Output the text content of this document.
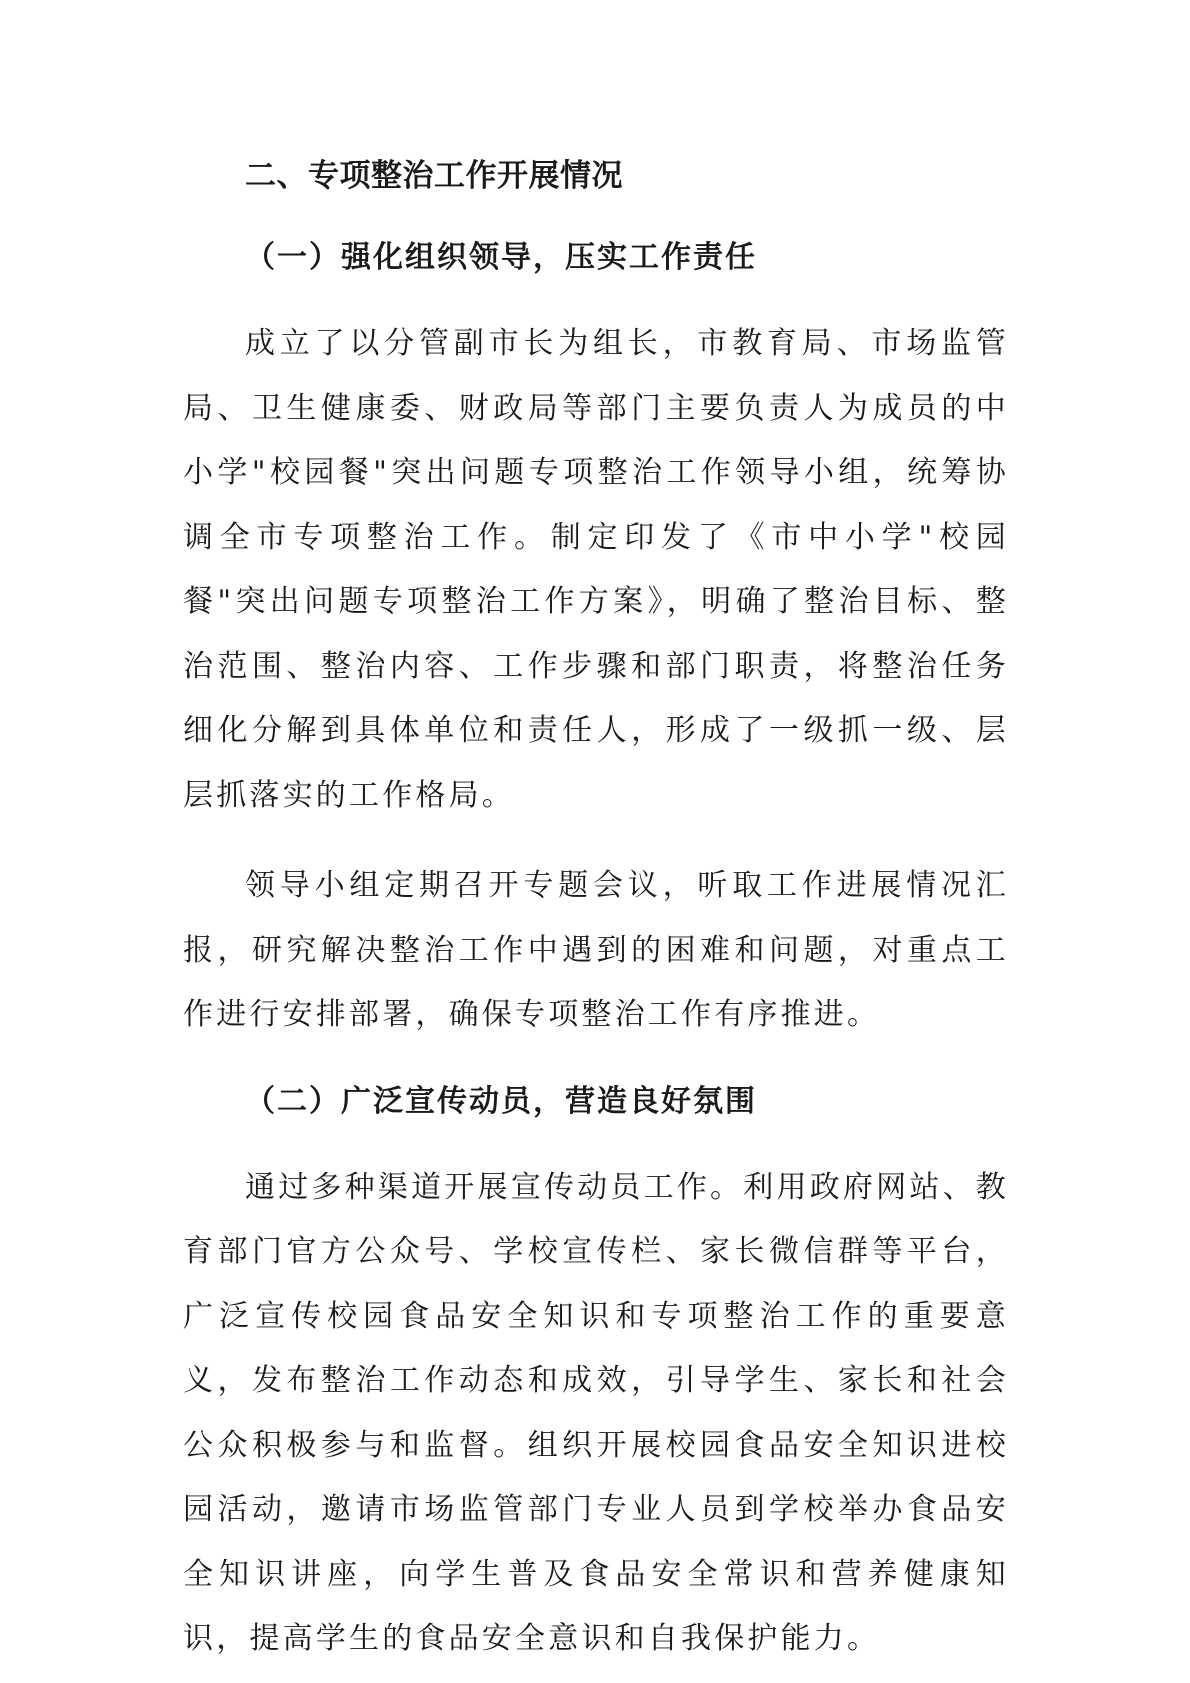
二、专项整治工作开展情况
（一）强化组织领导，压实工作责任

成立了以分管副市长为组长，市教育局、市场监管局、卫生健康委、财政局等部门主要负责人为成员的中小学"校园餐"突出问题专项整治工作领导小组，统筹协调全市专项整治工作。制定印发了《市中小学"校园餐"突出问题专项整治工作方案》，明确了整治目标、整治范围、整治内容、工作步骤和部门职责，将整治任务细化分解到具体单位和责任人，形成了一级抓一级、层层抓落实的工作格局。

领导小组定期召开专题会议，听取工作进展情况汇报，研究解决整治工作中遇到的困难和问题，对重点工作进行安排部署，确保专项整治工作有序推进。

（二）广泛宣传动员，营造良好氛围

通过多种渠道开展宣传动员工作。利用政府网站、教育部门官方公众号、学校宣传栏、家长微信群等平台，广泛宣传校园食品安全知识和专项整治工作的重要意义，发布整治工作动态和成效，引导学生、家长和社会公众积极参与和监督。组织开展校园食品安全知识进校园活动，邀请市场监管部门专业人员到学校举办食品安全知识讲座，向学生普及食品安全常识和营养健康知识，提高学生的食品安全意识和自我保护能力。
